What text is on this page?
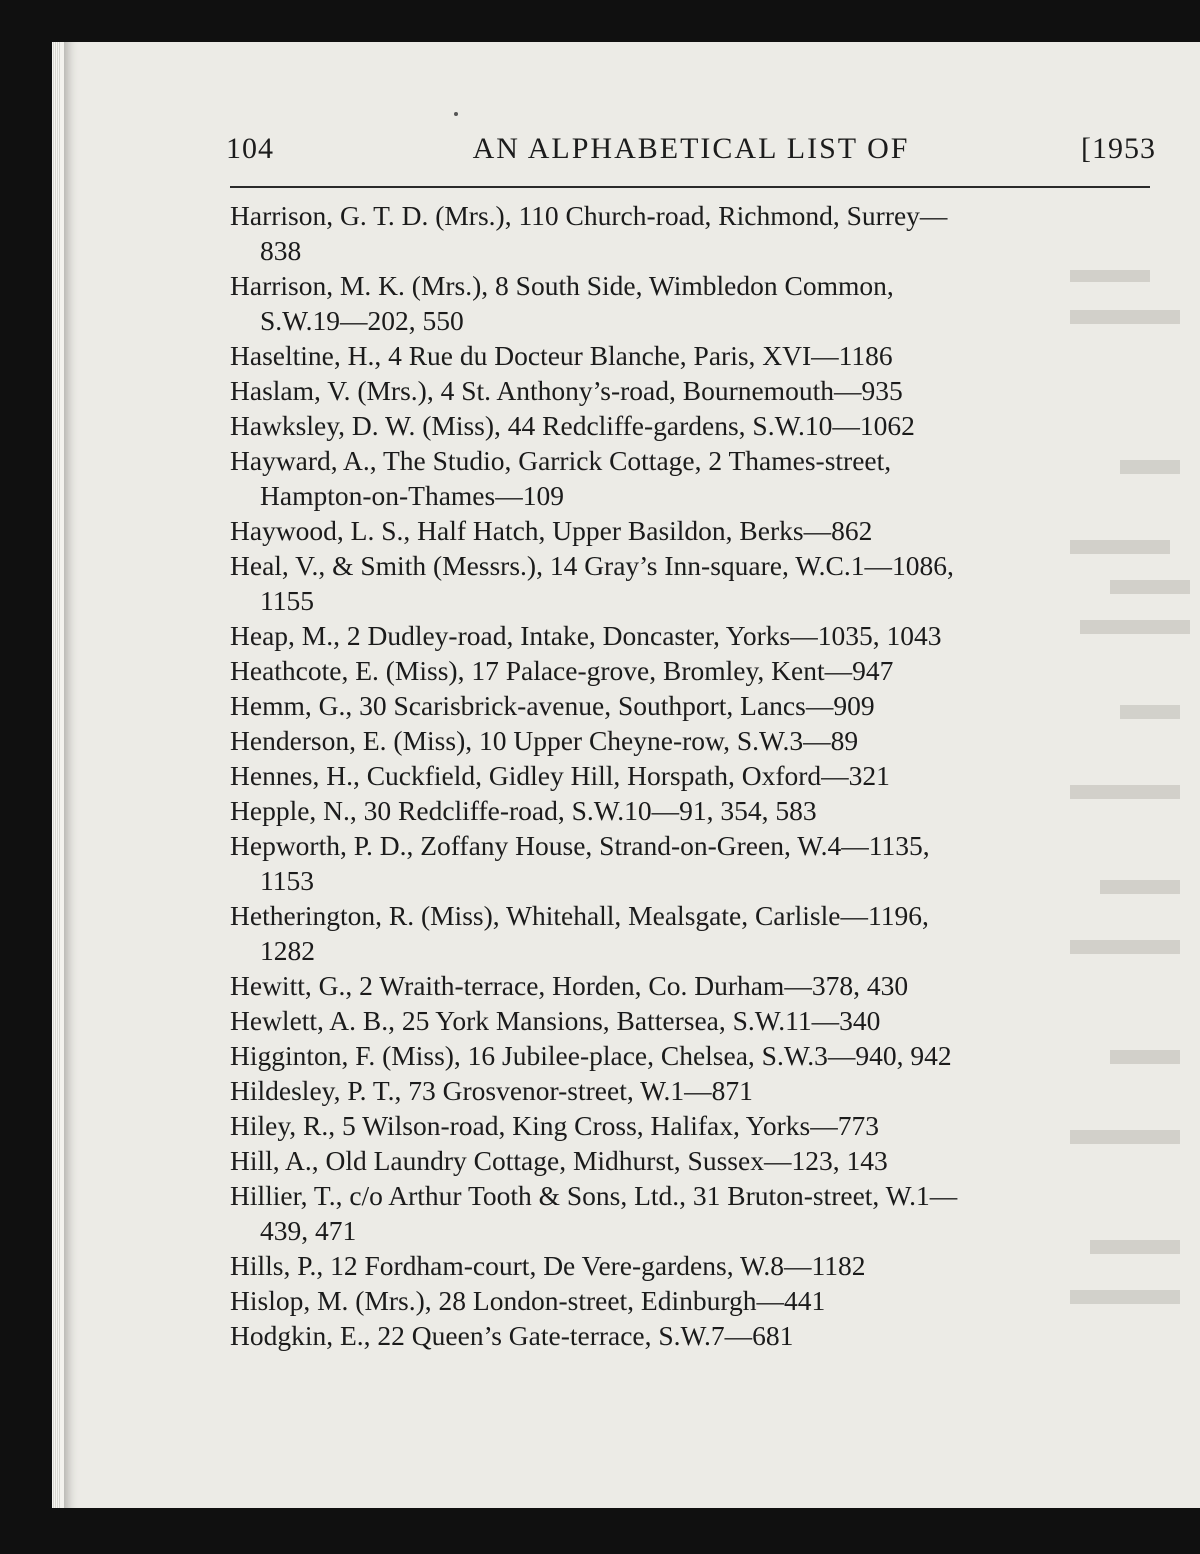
104	AN ALPHABETICAL LIST OF	[1953
Harrison, G. T. D. (Mrs.), 110 Church-road, Richmond, Surrey—
838
Harrison, M. K. (Mrs.), 8 South Side, Wimbledon Common,
S.W.19—202, 550
Haseltine, H., 4 Rue du Docteur Blanche, Paris, XVI—1186
Haslam, V. (Mrs.), 4 St. Anthony’s-road, Bournemouth—935
Hawksley, D. W. (Miss), 44 Redcliffe-gardens, S.W.10—1062
Hayward, A., The Studio, Garrick Cottage, 2 Thames-street,
Hampton-on-Thames—109
Haywood, L. S., Half Hatch, Upper Basildon, Berks—862
Heal, V., & Smith (Messrs.), 14 Gray’s Inn-square, W.C.1—1086,
1155
Heap, M., 2 Dudley-road, Intake, Doncaster, Yorks—1035, 1043
Heathcote, E. (Miss), 17 Palace-grove, Bromley, Kent—947
Hemm, G., 30 Scarisbrick-avenue, Southport, Lancs—909
Henderson, E. (Miss), 10 Upper Cheyne-row, S.W.3—89
Hennes, H., Cuckfield, Gidley Hill, Horspath, Oxford—321
Hepple, N., 30 Redcliffe-road, S.W.10—91, 354, 583
Hepworth, P. D., Zoffany House, Strand-on-Green, W.4—1135,
1153
Hetherington, R. (Miss), Whitehall, Mealsgate, Carlisle—1196,
1282
Hewitt, G., 2 Wraith-terrace, Horden, Co. Durham—378, 430
Hewlett, A. B., 25 York Mansions, Battersea, S.W.11—340
Higginton, F. (Miss), 16 Jubilee-place, Chelsea, S.W.3—940, 942
Hildesley, P. T., 73 Grosvenor-street, W.1—871
Hiley, R., 5 Wilson-road, King Cross, Halifax, Yorks—773
Hill, A., Old Laundry Cottage, Midhurst, Sussex—123, 143
Hillier, T., c/o Arthur Tooth & Sons, Ltd., 31 Bruton-street, W.1—
439, 471
Hills, P., 12 Fordham-court, De Vere-gardens, W.8—1182
Hislop, M. (Mrs.), 28 London-street, Edinburgh—441
Hodgkin, E., 22 Queen’s Gate-terrace, S.W.7—681
